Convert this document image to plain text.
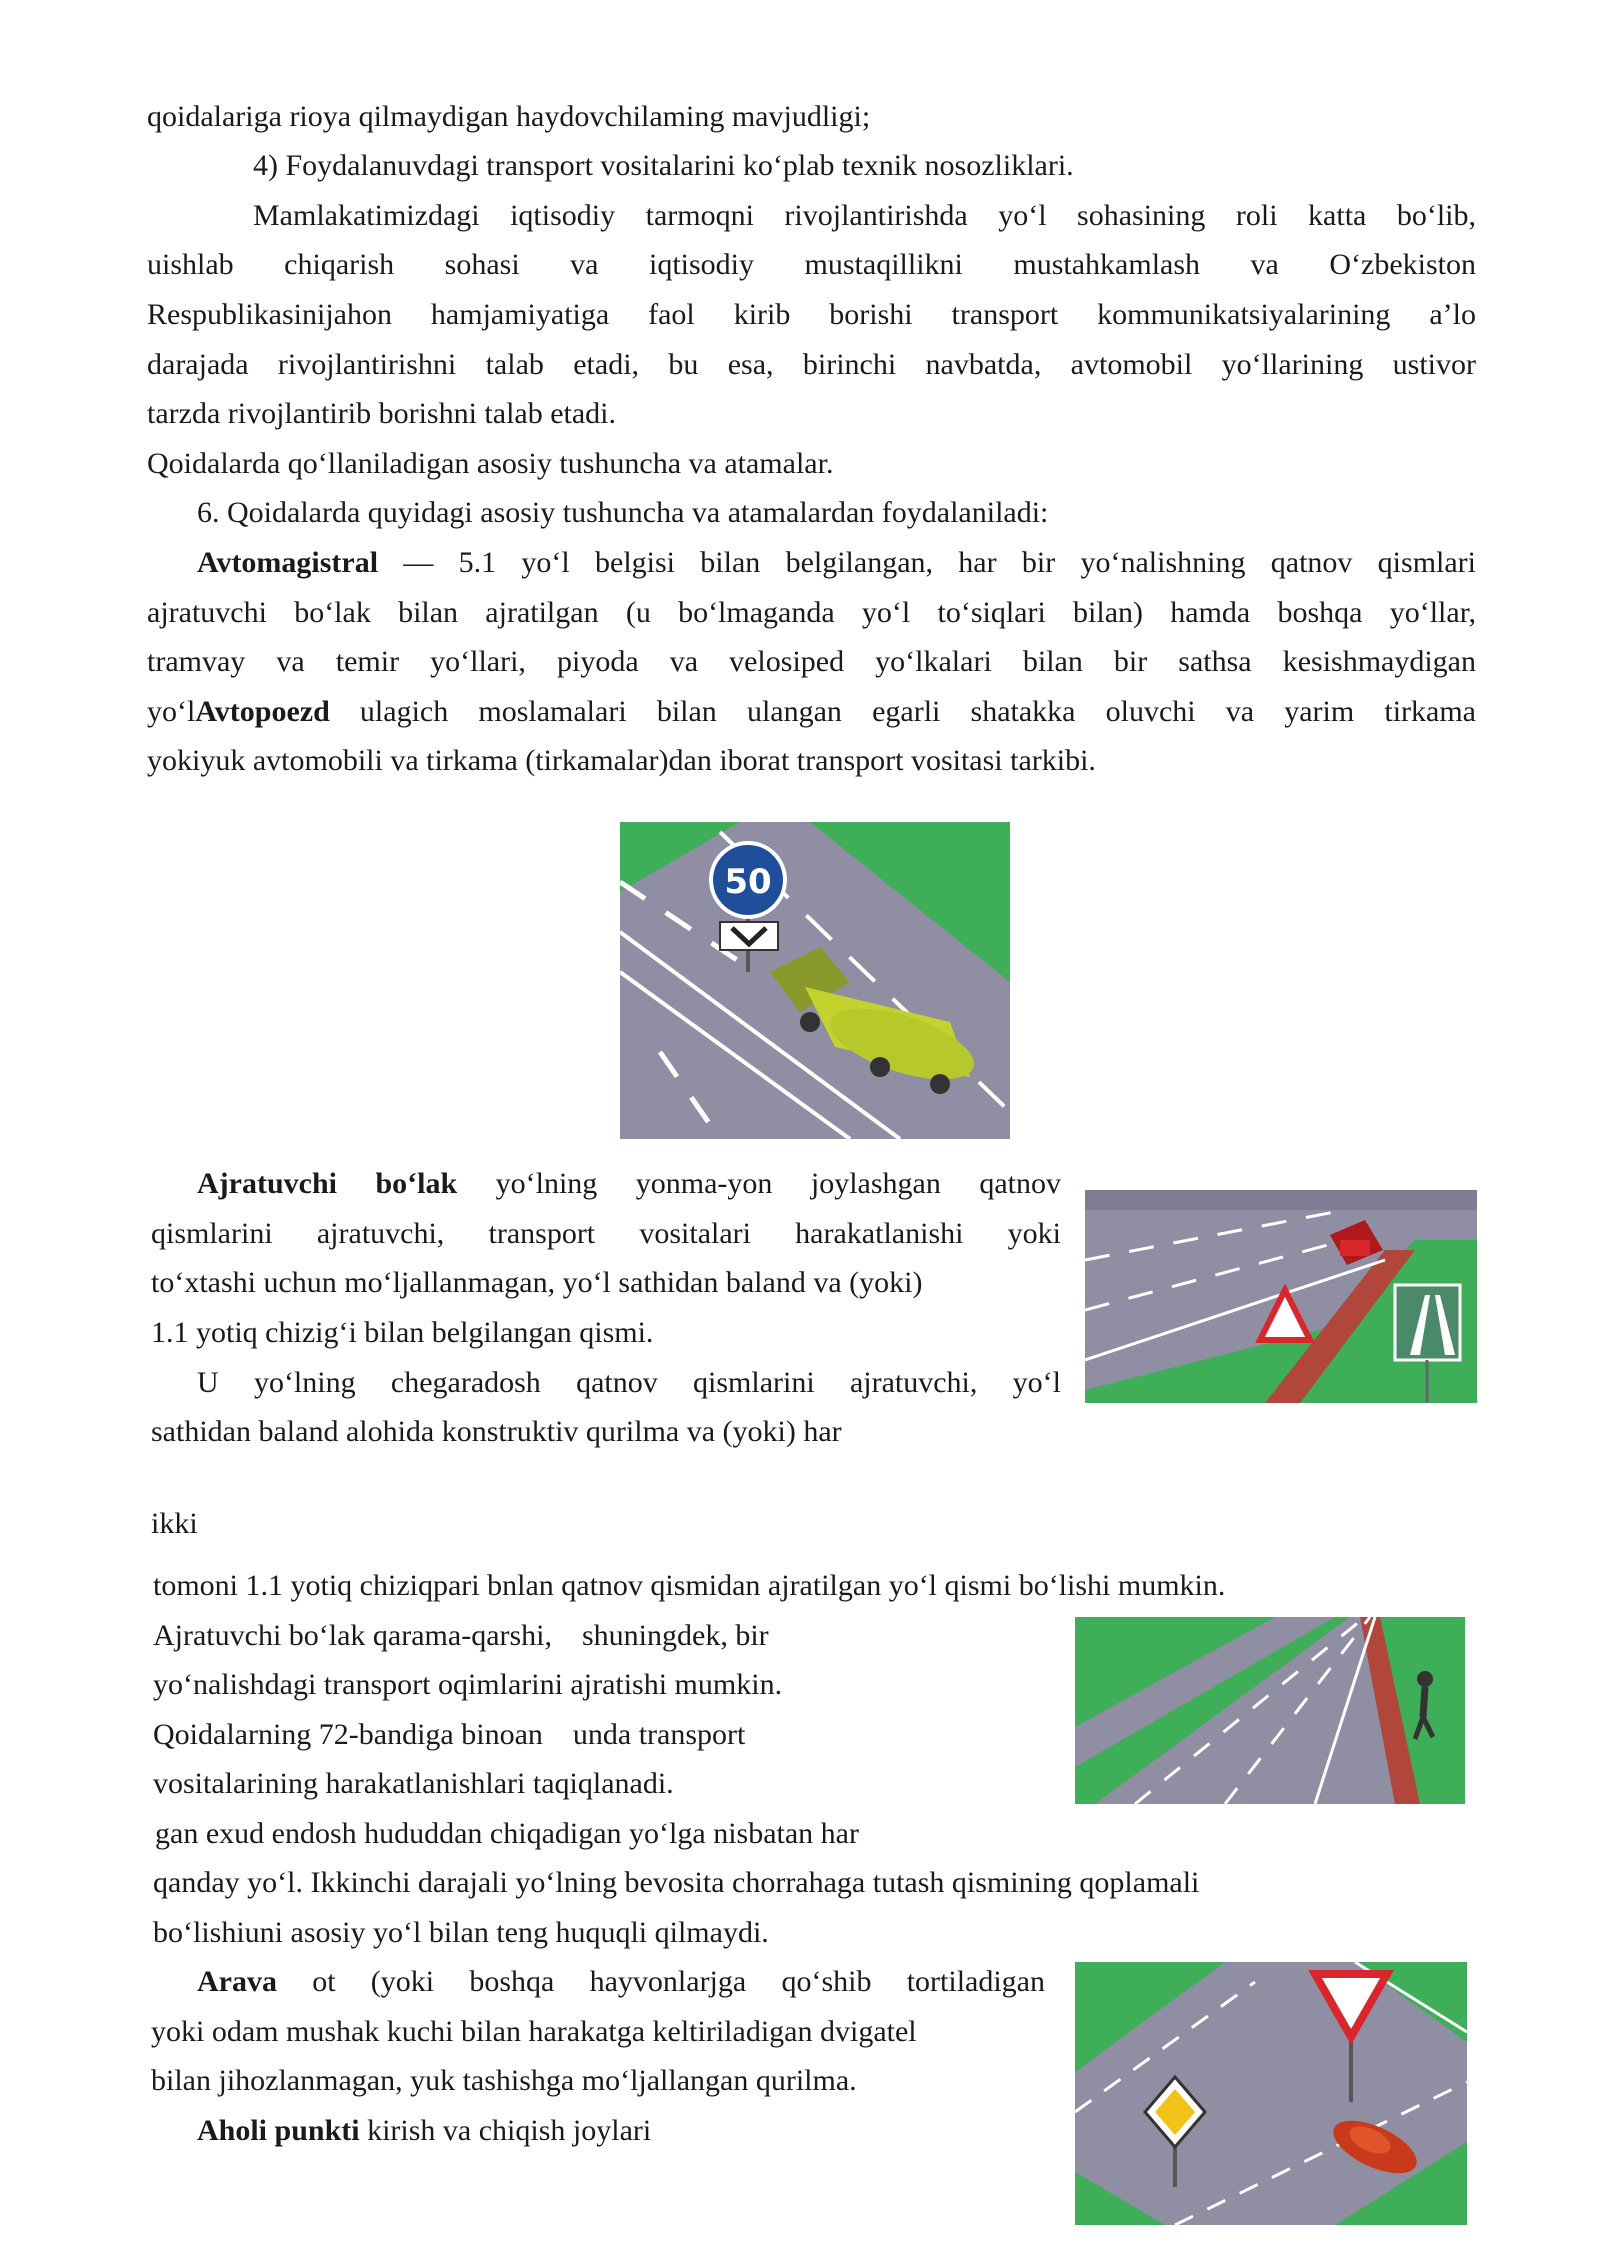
qoidalariga rioya qilmaydigan haydovchilaming mavjudligi;
4) Foydalanuvdagi transport vositalarini ko‘plab texnik nosozliklari.
Mamlakatimizdagi iqtisodiy tarmoqni rivojlantirishda yo‘l sohasining roli katta bo‘lib,
uishlab chiqarish sohasi va iqtisodiy mustaqillikni mustahkamlash va O‘zbekiston
Respublikasinijahon hamjamiyatiga faol kirib borishi transport kommunikatsiyalarining a’lo
darajada rivojlantirishni talab etadi, bu esa, birinchi navbatda, avtomobil yo‘llarining ustivor
tarzda rivojlantirib borishni talab etadi.
Qoidalarda qo‘llaniladigan asosiy tushuncha va atamalar.
6. Qoidalarda quyidagi asosiy tushuncha va atamalardan foydalaniladi:
Avtomagistral — 5.1 yo‘l belgisi bilan belgilangan, har bir yo‘nalishning qatnov qismlari
ajratuvchi bo‘lak bilan ajratilgan (u bo‘lmaganda yo‘l to‘siqlari bilan) hamda boshqa yo‘llar,
tramvay va temir yo‘llari, piyoda va velosiped yo‘lkalari bilan bir sathsa kesishmaydigan
yo‘lAvtopoezd ulagich moslamalari bilan ulangan egarli shatakka oluvchi va yarim tirkama
yokiyuk avtomobili va tirkama (tirkamalar)dan iborat transport vositasi tarkibi.
50
Ajratuvchi bo‘lak yo‘lning yonma-yon joylashgan qatnov
qismlarini ajratuvchi, transport vositalari harakatlanishi yoki
to‘xtashi uchun mo‘ljallanmagan, yo‘l sathidan baland va (yoki)
1.1 yotiq chizig‘i bilan belgilangan qismi.
U yo‘lning chegaradosh qatnov qismlarini ajratuvchi, yo‘l
sathidan baland alohida konstruktiv qurilma va (yoki) har
ikki
tomoni 1.1 yotiq chiziqpari bnlan qatnov qismidan ajratilgan yo‘l qismi bo‘lishi mumkin.
Ajratuvchi bo‘lak qarama-qarshi,    shuningdek, bir
yo‘nalishdagi transport oqimlarini ajratishi mumkin.
Qoidalarning 72-bandiga binoan    unda transport
vositalarining harakatlanishlari taqiqlanadi.
gan exud endosh hududdan chiqadigan yo‘lga nisbatan har
qanday yo‘l. Ikkinchi darajali yo‘lning bevosita chorrahaga tutash qismining qoplamali
bo‘lishiuni asosiy yo‘l bilan teng huquqli qilmaydi.
Arava ot (yoki boshqa hayvonlarjga qo‘shib tortiladigan
yoki odam mushak kuchi bilan harakatga keltiriladigan dvigatel
bilan jihozlanmagan, yuk tashishga mo‘ljallangan qurilma.
Aholi punkti kirish va chiqish joylari
